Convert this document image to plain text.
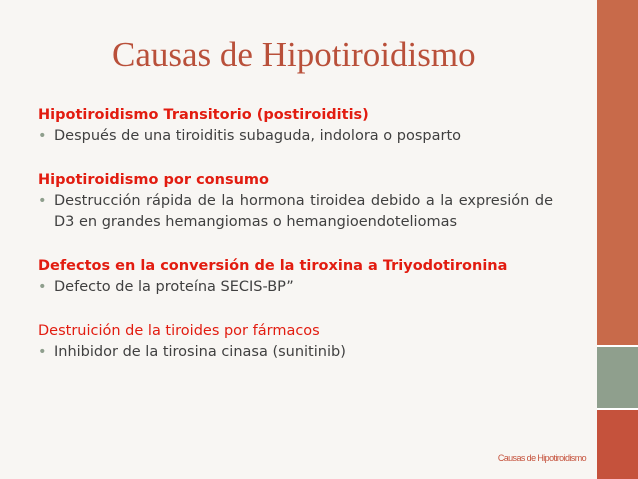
Causas de Hipotiroidismo
Hipotiroidismo Transitorio (postiroiditis)
• Después de una tiroiditis subaguda, indolora o posparto
Hipotiroidismo por consumo
• Destrucción rápida de la hormona tiroidea debido a la expresión de D3 en grandes hemangiomas o hemangioendoteliomas
Defectos en la conversión de la tiroxina a Triyodotironina
• Defecto de la proteína SECIS-BP”
Destruición de la tiroides por fármacos
• Inhibidor de la tirosina cinasa (sunitinib)
Causas de Hipotiroidismo
